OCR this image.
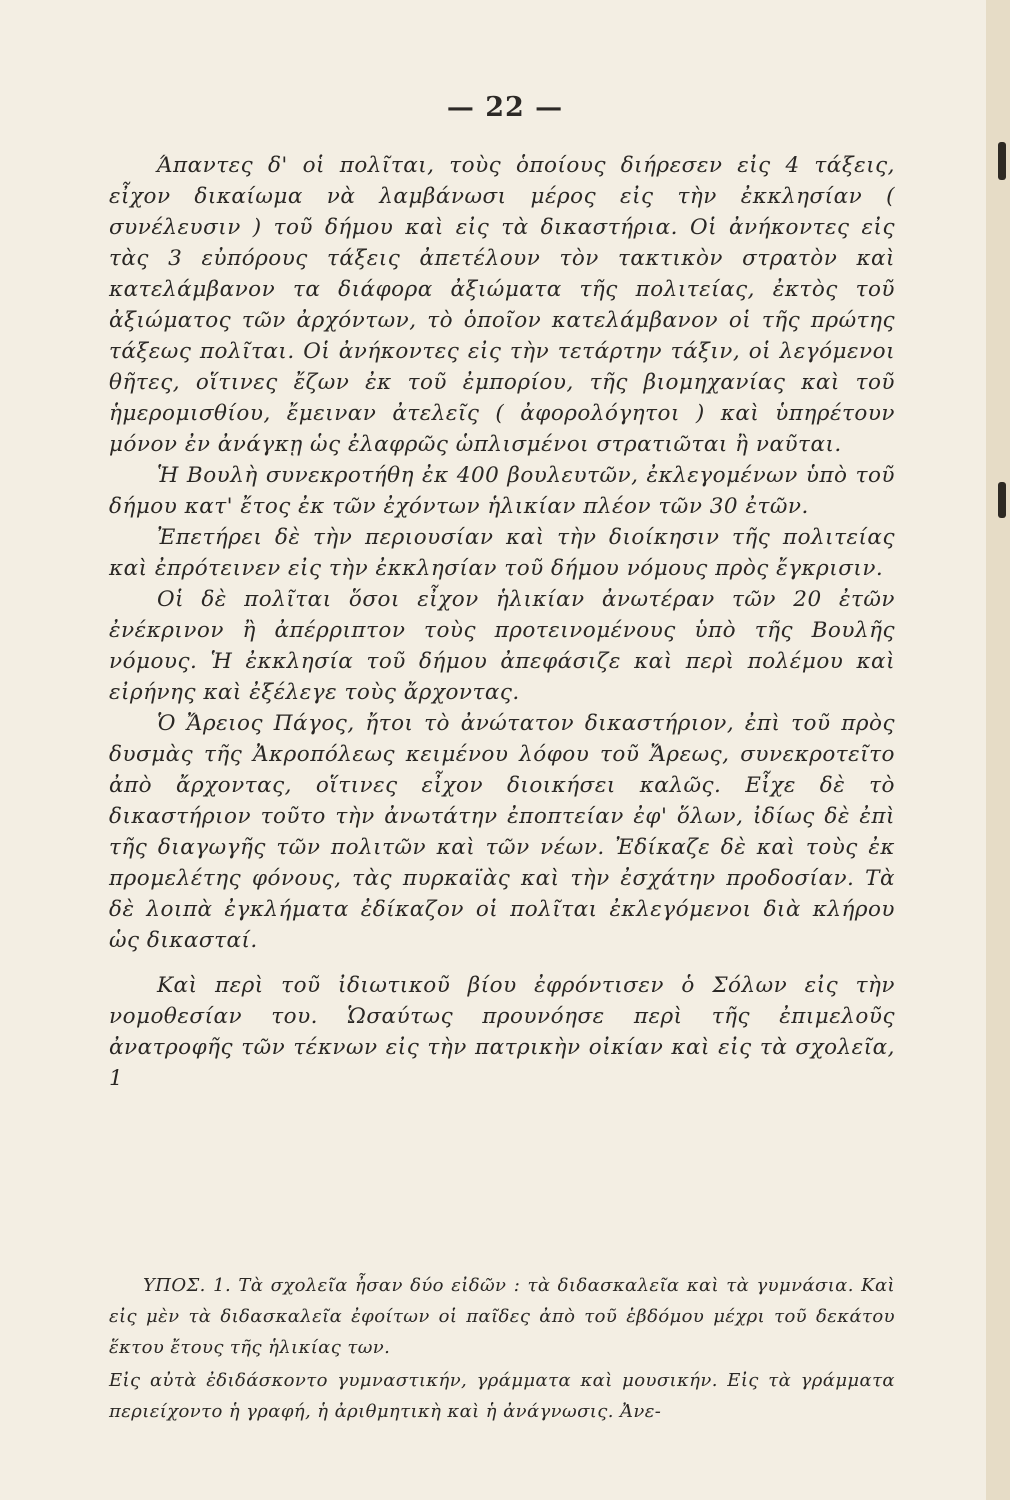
— 22 —

Άπαντες δ' οἱ πολῖται, τοὺς ὁποίους διήρεσεν εἰς 4 τάξεις, εἶχον δικαίωμα νὰ λαμβάνωσι μέρος εἰς τὴν ἐκκλησίαν ( συνέλευσιν ) τοῦ δήμου καὶ εἰς τὰ δικαστήρια. Οἱ ἀνήκοντες εἰς τὰς 3 εὐπόρους τάξεις ἀπετέλουν τὸν τακτικὸν στρατὸν καὶ κατελάμβανον τα διάφορα ἀξιώματα τῆς πολιτείας, ἐκτὸς τοῦ ἀξιώματος τῶν ἀρχόντων, τὸ ὁποῖον κατελάμβανον οἱ τῆς πρώτης τάξεως πολῖται. Οἱ ἀνήκοντες εἰς τὴν τετάρτην τάξιν, οἱ λεγόμενοι θῆτες, οἵτινες ἔζων ἐκ τοῦ ἐμπορίου, τῆς βιομηχανίας καὶ τοῦ ἡμερομισθίου, ἔμειναν ἀτελεῖς ( ἀφορολόγητοι ) καὶ ὑπηρέτουν μόνον ἐν ἀνάγκῃ ὡς ἐλαφρῶς ὡπλισμένοι στρατιῶται ἢ ναῦται.

Ἡ Βουλὴ συνεκροτήθη ἐκ 400 βουλευτῶν, ἐκλεγομένων ὑπὸ τοῦ δήμου κατ' ἔτος ἐκ τῶν ἐχόντων ἡλικίαν πλέον τῶν 30 ἐτῶν.

Ἐπετήρει δὲ τὴν περιουσίαν καὶ τὴν διοίκησιν τῆς πολιτείας καὶ ἐπρότεινεν εἰς τὴν ἐκκλησίαν τοῦ δήμου νόμους πρὸς ἔγκρισιν.

Οἱ δὲ πολῖται ὅσοι εἶχον ἡλικίαν ἀνωτέραν τῶν 20 ἐτῶν ἐνέκρινον ἢ ἀπέρριπτον τοὺς προτεινομένους ὑπὸ τῆς Βουλῆς νόμους. Ἡ ἐκκλησία τοῦ δήμου ἀπεφάσιζε καὶ περὶ πολέμου καὶ εἰρήνης καὶ ἐξέλεγε τοὺς ἄρχοντας.

Ὁ Ἄρειος Πάγος, ἤτοι τὸ ἀνώτατον δικαστήριον, ἐπὶ τοῦ πρὸς δυσμὰς τῆς Ἀκροπόλεως κειμένου λόφου τοῦ Ἄρεως, συνεκροτεῖτο ἀπὸ ἄρχοντας, οἵτινες εἶχον διοικήσει καλῶς. Εἶχε δὲ τὸ δικαστήριον τοῦτο τὴν ἀνωτάτην ἐποπτείαν ἐφ' ὅλων, ἰδίως δὲ ἐπὶ τῆς διαγωγῆς τῶν πολιτῶν καὶ τῶν νέων. Ἐδίκαζε δὲ καὶ τοὺς ἐκ προμελέτης φόνους, τὰς πυρκαϊὰς καὶ τὴν ἐσχάτην προδοσίαν. Τὰ δὲ λοιπὰ ἐγκλήματα ἐδίκαζον οἱ πολῖται ἐκλεγόμενοι διὰ κλήρου ὡς δικασταί.

Καὶ περὶ τοῦ ἰδιωτικοῦ βίου ἐφρόντισεν ὁ Σόλων εἰς τὴν νομοθεσίαν του. Ὡσαύτως προυνόησε περὶ τῆς ἐπιμελοῦς ἀνατροφῆς τῶν τέκνων εἰς τὴν πατρικὴν οἰκίαν καὶ εἰς τὰ σχολεῖα, 1

ΥΠΟΣ. 1. Τὰ σχολεῖα ἦσαν δύο εἰδῶν : τὰ διδασκαλεῖα καὶ τὰ γυμνάσια. Καὶ εἰς μὲν τὰ διδασκαλεῖα ἐφοίτων οἱ παῖδες ἀπὸ τοῦ ἑβδόμου μέχρι τοῦ δεκάτου ἕκτου ἔτους τῆς ἡλικίας των.

Εἰς αὐτὰ ἐδιδάσκοντο γυμναστικήν, γράμματα καὶ μουσικήν. Εἰς τὰ γράμματα περιείχοντο ἡ γραφή, ἡ ἀριθμητικὴ καὶ ἡ ἀνάγνωσις. Ἀνε-
